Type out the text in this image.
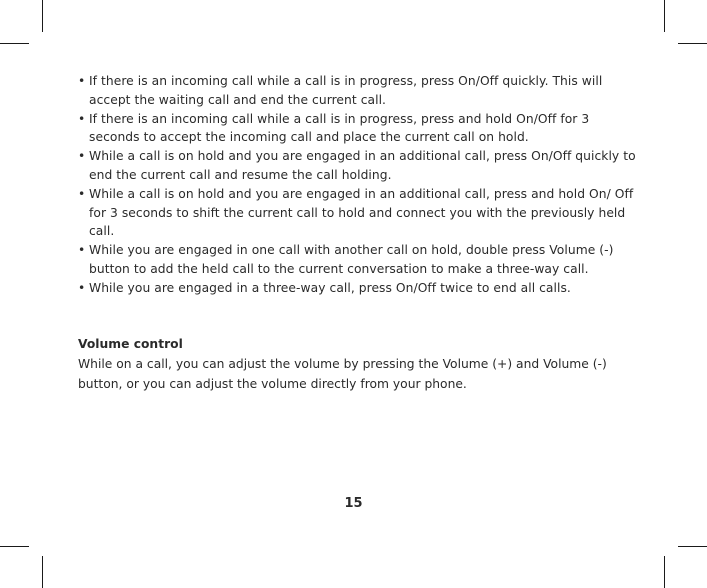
• If there is an incoming call while a call is in progress, press On/Off quickly. This will accept the waiting call and end the current call.
• If there is an incoming call while a call is in progress, press and hold On/Off for 3 seconds to accept the incoming call and place the current call on hold.
• While a call is on hold and you are engaged in an additional call, press On/Off quickly to end the current call and resume the call holding.
• While a call is on hold and you are engaged in an additional call, press and hold On/ Off for 3 seconds to shift the current call to hold and connect you with the previously held call.
• While you are engaged in one call with another call on hold, double press Volume (-) button to add the held call to the current conversation to make a three-way call.
• While you are engaged in a three-way call, press On/Off twice to end all calls.
Volume control
While on a call, you can adjust the volume by pressing the Volume (+) and Volume (-) button, or you can adjust the volume directly from your phone.
15
